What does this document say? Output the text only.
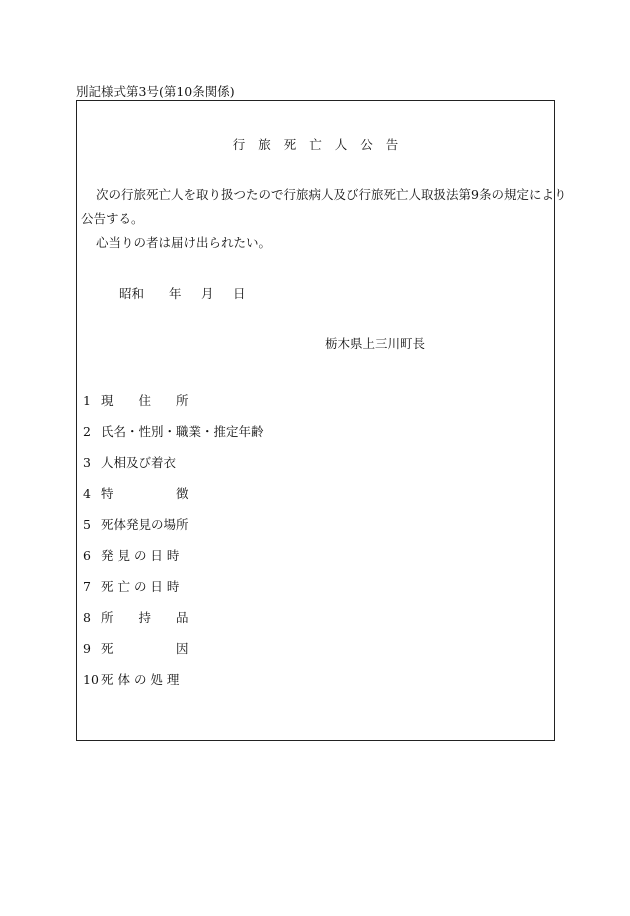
別記様式第3号(第10条関係)
行旅死亡人公告
次の行旅死亡人を取り扱つたので行旅病人及び行旅死亡人取扱法第9条の規定により
公告する。
心当りの者は届け出られたい。
昭和 年 月 日
栃木県上三川町長
1 現　　住　　所
2 氏名・性別・職業・推定年齢
3 人相及び着衣
4 特　　　　　徴
5 死体発見の場所
6 発 見 の 日 時
7 死 亡 の 日 時
8 所　　持　　品
9 死　　　　　因
10 死 体 の 処 理
